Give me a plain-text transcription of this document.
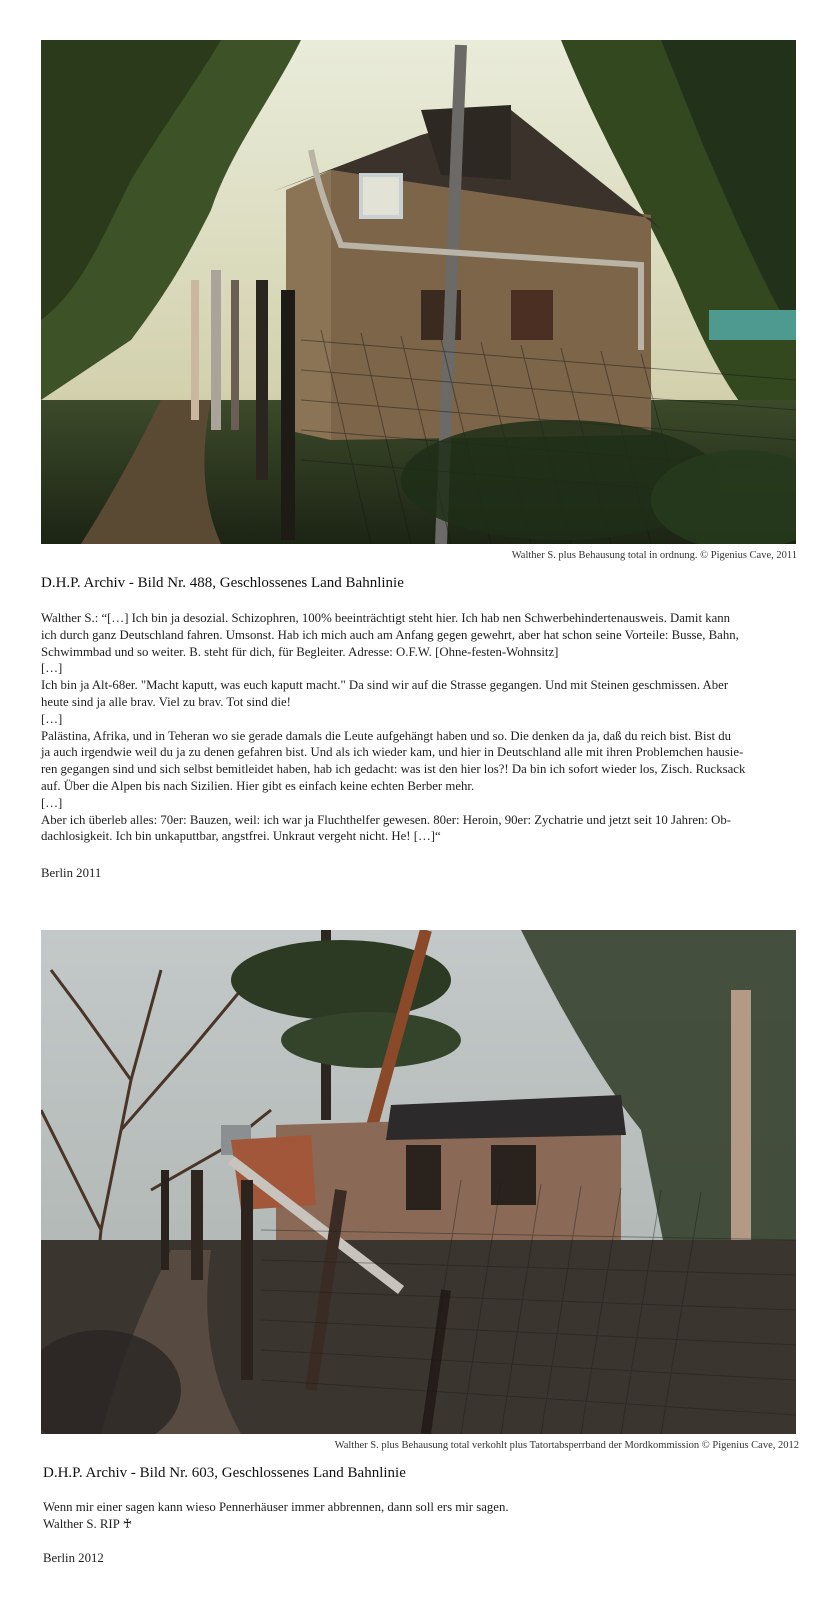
Walther S. plus Behausung total in ordnung. © Pigenius Cave, 2011
D.H.P. Archiv - Bild Nr. 488, Geschlossenes Land Bahnlinie
Walther S.: “[…] Ich bin ja desozial. Schizophren, 100% beeinträchtigt steht hier. Ich hab nen Schwerbehindertenausweis. Damit kann
ich durch ganz Deutschland fahren. Umsonst. Hab ich mich auch am Anfang gegen gewehrt, aber hat schon seine Vorteile: Busse, Bahn,
Schwimmbad und so weiter. B. steht für dich, für Begleiter. Adresse: O.F.W. [Ohne-festen-Wohnsitz]
[…]
Ich bin ja Alt-68er. "Macht kaputt, was euch kaputt macht." Da sind wir auf die Strasse gegangen. Und mit Steinen geschmissen. Aber
heute sind ja alle brav. Viel zu brav. Tot sind die!
[…]
Palästina, Afrika, und in Teheran wo sie gerade damals die Leute aufgehängt haben und so. Die denken da ja, daß du reich bist. Bist du
ja auch irgendwie weil du ja zu denen gefahren bist. Und als ich wieder kam, und hier in Deutschland alle mit ihren Problemchen hausie-
ren gegangen sind und sich selbst bemitleidet haben, hab ich gedacht: was ist den hier los?! Da bin ich sofort wieder los, Zisch. Rucksack
auf. Über die Alpen bis nach Sizilien. Hier gibt es einfach keine echten Berber mehr.
[…]
Aber ich überleb alles: 70er: Bauzen, weil: ich war ja Fluchthelfer gewesen. 80er: Heroin, 90er: Zychatrie und jetzt seit 10 Jahren: Ob-
dachlosigkeit. Ich bin unkaputtbar, angstfrei. Unkraut vergeht nicht. He! […]“
Berlin 2011
Walther S. plus Behausung total verkohlt plus Tatortabsperrband der Mordkommission © Pigenius Cave, 2012
D.H.P. Archiv - Bild Nr. 603, Geschlossenes Land Bahnlinie
Wenn mir einer sagen kann wieso Pennerhäuser immer abbrennen, dann soll ers mir sagen.
Walther S. RIP ♰
Berlin 2012
